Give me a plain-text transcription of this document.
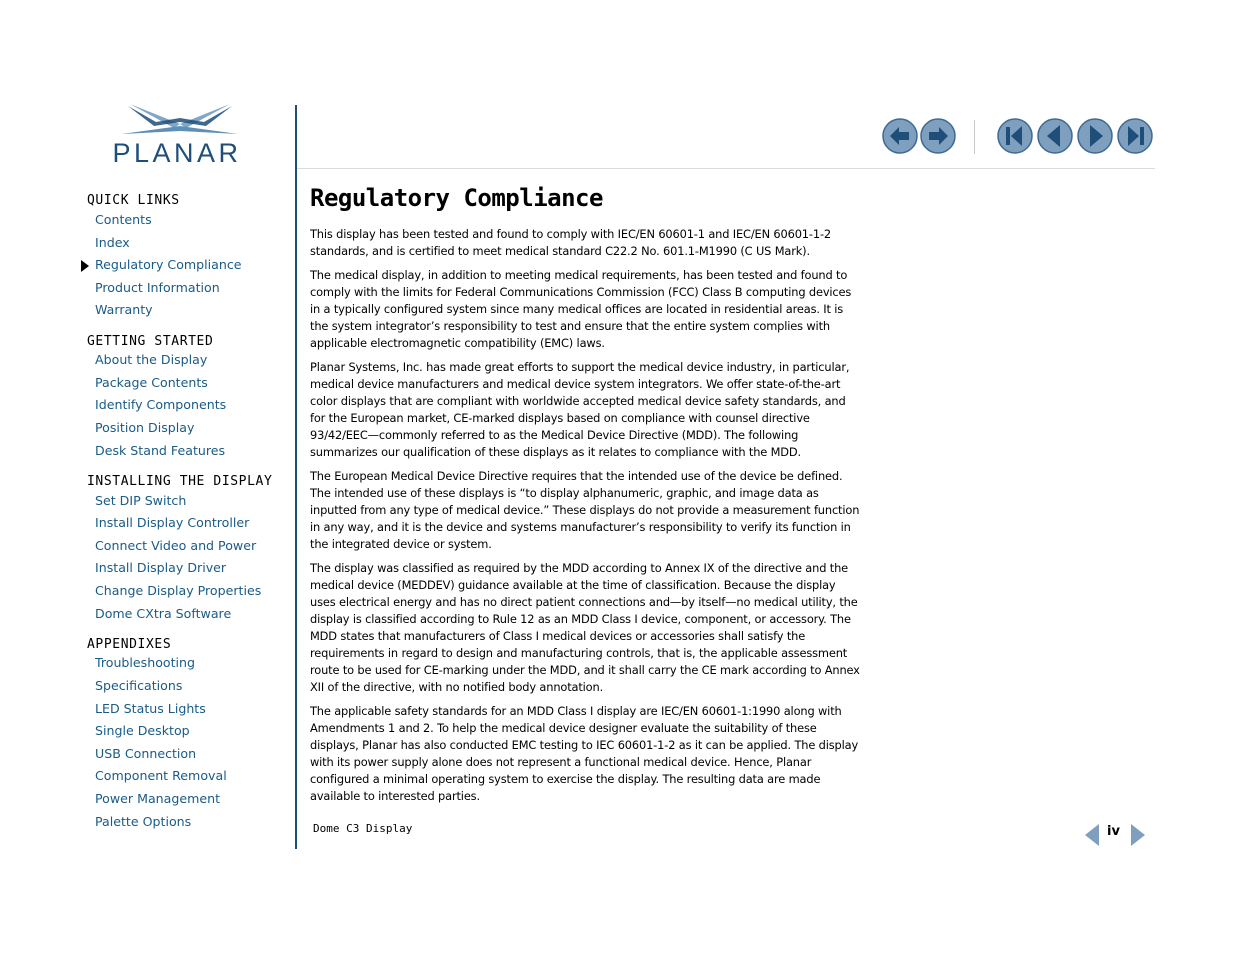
PLANAR
QUICK LINKS
Contents
Index
Regulatory Compliance
Product Information
Warranty
GETTING STARTED
About the Display
Package Contents
Identify Components
Position Display
Desk Stand Features
INSTALLING THE DISPLAY
Set DIP Switch
Install Display Controller
Connect Video and Power
Install Display Driver
Change Display Properties
Dome CXtra Software
APPENDIXES
Troubleshooting
Specifications
LED Status Lights
Single Desktop
USB Connection
Component Removal
Power Management
Palette Options
Regulatory Compliance

This display has been tested and found to comply with IEC/EN 60601-1 and IEC/EN 60601-1-2 standards, and is certified to meet medical standard C22.2 No. 601.1-M1990 (C US Mark).

The medical display, in addition to meeting medical requirements, has been tested and found to comply with the limits for Federal Communications Commission (FCC) Class B computing devices in a typically configured system since many medical offices are located in residential areas. It is the system integrator’s responsibility to test and ensure that the entire system complies with applicable electromagnetic compatibility (EMC) laws.

Planar Systems, Inc. has made great efforts to support the medical device industry, in particular, medical device manufacturers and medical device system integrators. We offer state-of-the-art color displays that are compliant with worldwide accepted medical device safety standards, and for the European market, CE-marked displays based on compliance with counsel directive 93/42/EEC—commonly referred to as the Medical Device Directive (MDD). The following summarizes our qualification of these displays as it relates to compliance with the MDD.

The European Medical Device Directive requires that the intended use of the device be defined. The intended use of these displays is “to display alphanumeric, graphic, and image data as inputted from any type of medical device.” These displays do not provide a measurement function in any way, and it is the device and systems manufacturer’s responsibility to verify its function in the integrated device or system.

The display was classified as required by the MDD according to Annex IX of the directive and the medical device (MEDDEV) guidance available at the time of classification. Because the display uses electrical energy and has no direct patient connections and—by itself—no medical utility, the display is classified according to Rule 12 as an MDD Class I device, component, or accessory. The MDD states that manufacturers of Class I medical devices or accessories shall satisfy the requirements in regard to design and manufacturing controls, that is, the applicable assessment route to be used for CE-marking under the MDD, and it shall carry the CE mark according to Annex XII of the directive, with no notified body annotation.

The applicable safety standards for an MDD Class I display are IEC/EN 60601-1:1990 along with Amendments 1 and 2. To help the medical device designer evaluate the suitability of these displays, Planar has also conducted EMC testing to IEC 60601-1-2 as it can be applied. The display with its power supply alone does not represent a functional medical device. Hence, Planar configured a minimal operating system to exercise the display. The resulting data are made available to interested parties.

Dome C3 Display	iv
